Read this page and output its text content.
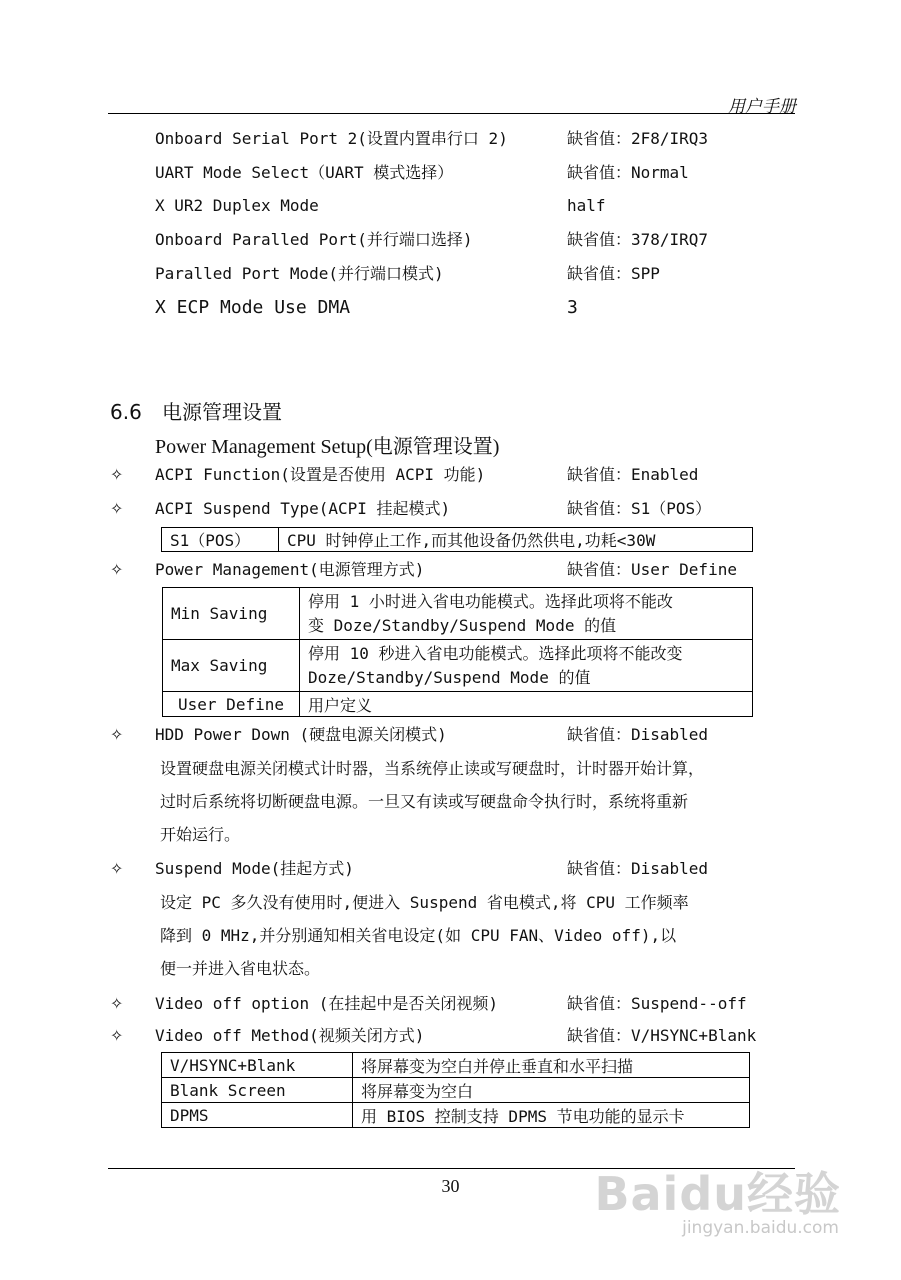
用户手册
Onboard Serial Port 2(设置内置串行口 2)	缺省值：2F8/IRQ3
UART Mode Select（UART 模式选择）	缺省值：Normal
X UR2 Duplex Mode	half
Onboard Paralled Port(并行端口选择)	缺省值：378/IRQ7
Paralled Port Mode(并行端口模式)	缺省值：SPP
X ECP Mode Use DMA	3
6.6 电源管理设置
Power Management Setup(电源管理设置)
✧ ACPI Function(设置是否使用 ACPI 功能)	缺省值：Enabled
✧ ACPI Suspend Type(ACPI 挂起模式)	缺省值：S1（POS）
S1（POS）	CPU 时钟停止工作,而其他设备仍然供电,功耗<30W
✧ Power Management(电源管理方式)	缺省值：User Define
Min Saving	停用 1 小时进入省电功能模式。选择此项将不能改
变 Doze/Standby/Suspend Mode 的值

Max Saving	停用 10 秒进入省电功能模式。选择此项将不能改变
Doze/Standby/Suspend Mode 的值

User Define	用户定义
✧ HDD Power Down (硬盘电源关闭模式)	缺省值：Disabled
设置硬盘电源关闭模式计时器，当系统停止读或写硬盘时，计时器开始计算，
过时后系统将切断硬盘电源。一旦又有读或写硬盘命令执行时，系统将重新
开始运行。
✧ Suspend Mode(挂起方式)	缺省值：Disabled
设定 PC 多久没有使用时,便进入 Suspend 省电模式,将 CPU 工作频率
降到 0 MHz,并分别通知相关省电设定(如 CPU FAN、Video off),以
便一并进入省电状态。
✧ Video off option (在挂起中是否关闭视频)	缺省值：Suspend--off
✧ Video off Method(视频关闭方式)	缺省值：V/HSYNC+Blank
V/HSYNC+Blank	将屏幕变为空白并停止垂直和水平扫描
Blank Screen	将屏幕变为空白
DPMS	用 BIOS 控制支持 DPMS 节电功能的显示卡
30	Baidu经验
jingyan.baidu.com
